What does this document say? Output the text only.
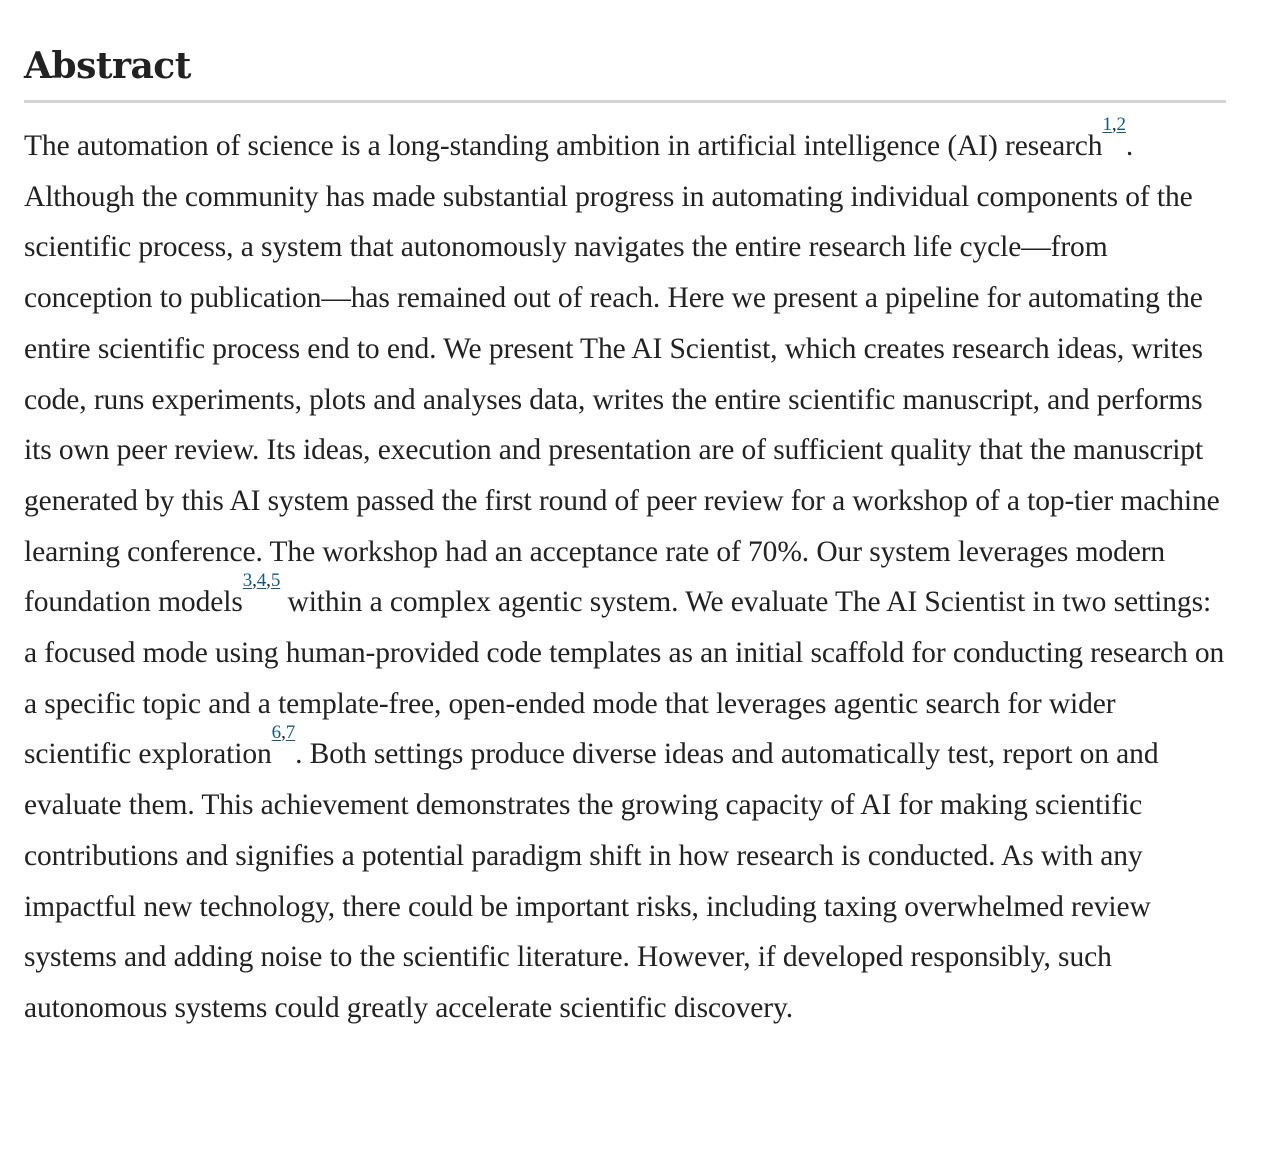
Abstract

The automation of science is a long-standing ambition in artificial intelligence (AI) research$^{1,2}$. Although the community has made substantial progress in automating individual components of the scientific process, a system that autonomously navigates the entire research life cycle—from conception to publication—has remained out of reach. Here we present a pipeline for automating the entire scientific process end to end. We present The AI Scientist, which creates research ideas, writes code, runs experiments, plots and analyses data, writes the entire scientific manuscript, and performs its own peer review. Its ideas, execution and presentation are of sufficient quality that the manuscript generated by this AI system passed the first round of peer review for a workshop of a top-tier machine learning conference. The workshop had an acceptance rate of 70%. Our system leverages modern foundation models$^{3,4,5}$ within a complex agentic system. We evaluate The AI Scientist in two settings: a focused mode using human-provided code templates as an initial scaffold for conducting research on a specific topic and a template-free, open-ended mode that leverages agentic search for wider scientific exploration$^{6,7}$. Both settings produce diverse ideas and automatically test, report on and evaluate them. This achievement demonstrates the growing capacity of AI for making scientific contributions and signifies a potential paradigm shift in how research is conducted. As with any impactful new technology, there could be important risks, including taxing overwhelmed review systems and adding noise to the scientific literature. However, if developed responsibly, such autonomous systems could greatly accelerate scientific discovery.
